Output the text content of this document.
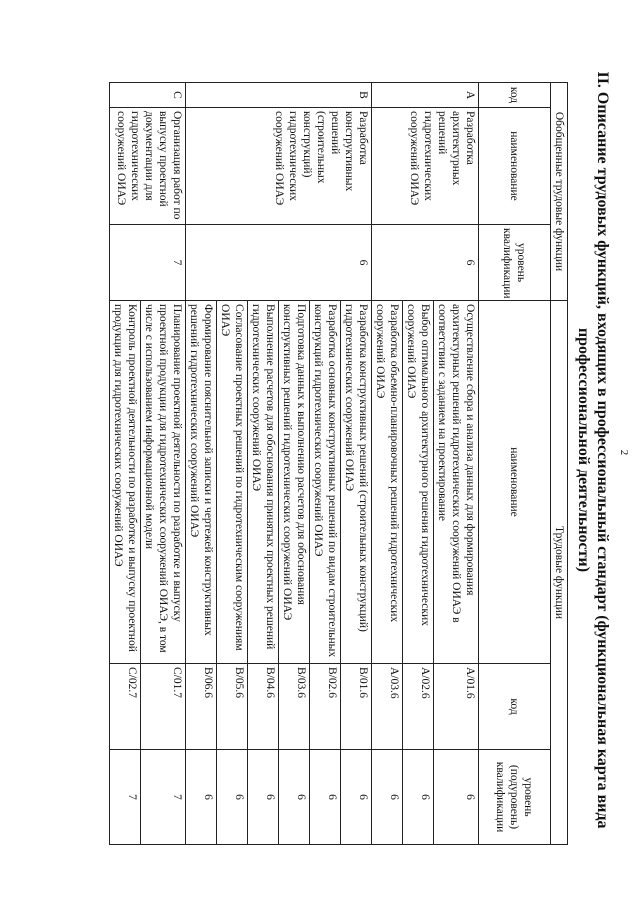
2
II. Описание трудовых функций, входящих в профессиональный стандарт (функциональная карта вида
профессиональной деятельности)
Обобщенные трудовые функции			Трудовые функции		
код	наименование	уровень квалификации	наименование	код	уровень
(подуровень)
квалификации
A	Разработка архитектурных решений гидротехнических сооружений ОИАЭ	6	Осуществление сбора и анализа данных для формирования архитектурных решений гидротехнических сооружений ОИАЭ в соответствии с заданием на проектирование	A/01.6	6
			Выбор оптимального архитектурного решения гидротехнических сооружений ОИАЭ	A/02.6	6
			Разработка объемно-планировочных решений гидротехнических сооружений ОИАЭ	A/03.6	6
B	Разработка конструктивных решений (строительных конструкций) гидротехнических сооружений ОИАЭ	6	Разработка конструктивных решений (строительных конструкций) гидротехнических сооружений ОИАЭ	B/01.6	6
			Разработка основных конструктивных решений по видам строительных конструкций гидротехнических сооружений ОИАЭ	B/02.6	6
			Подготовка данных к выполнению расчетов для обоснования конструктивных решений гидротехнических сооружений ОИАЭ	B/03.6	6
			Выполнение расчетов для обоснования принятых проектных решений гидротехнических сооружений ОИАЭ	B/04.6	6
			Согласование проектных решений по гидротехническим сооружениям ОИАЭ	B/05.6	6
			Формирование пояснительной записки и чертежей конструктивных решений гидротехнических сооружений ОИАЭ	B/06.6	6
C	Организация работ по выпуску проектной документации для гидротехнических сооружений ОИАЭ	7	Планирование проектной деятельности по разработке и выпуску проектной продукции для гидротехнических сооружений ОИАЭ, в том числе с использованием информационной модели	C/01.7	7
			Контроль проектной деятельности по разработке и выпуску проектной продукции для гидротехнических сооружений ОИАЭ	C/02.7	7
